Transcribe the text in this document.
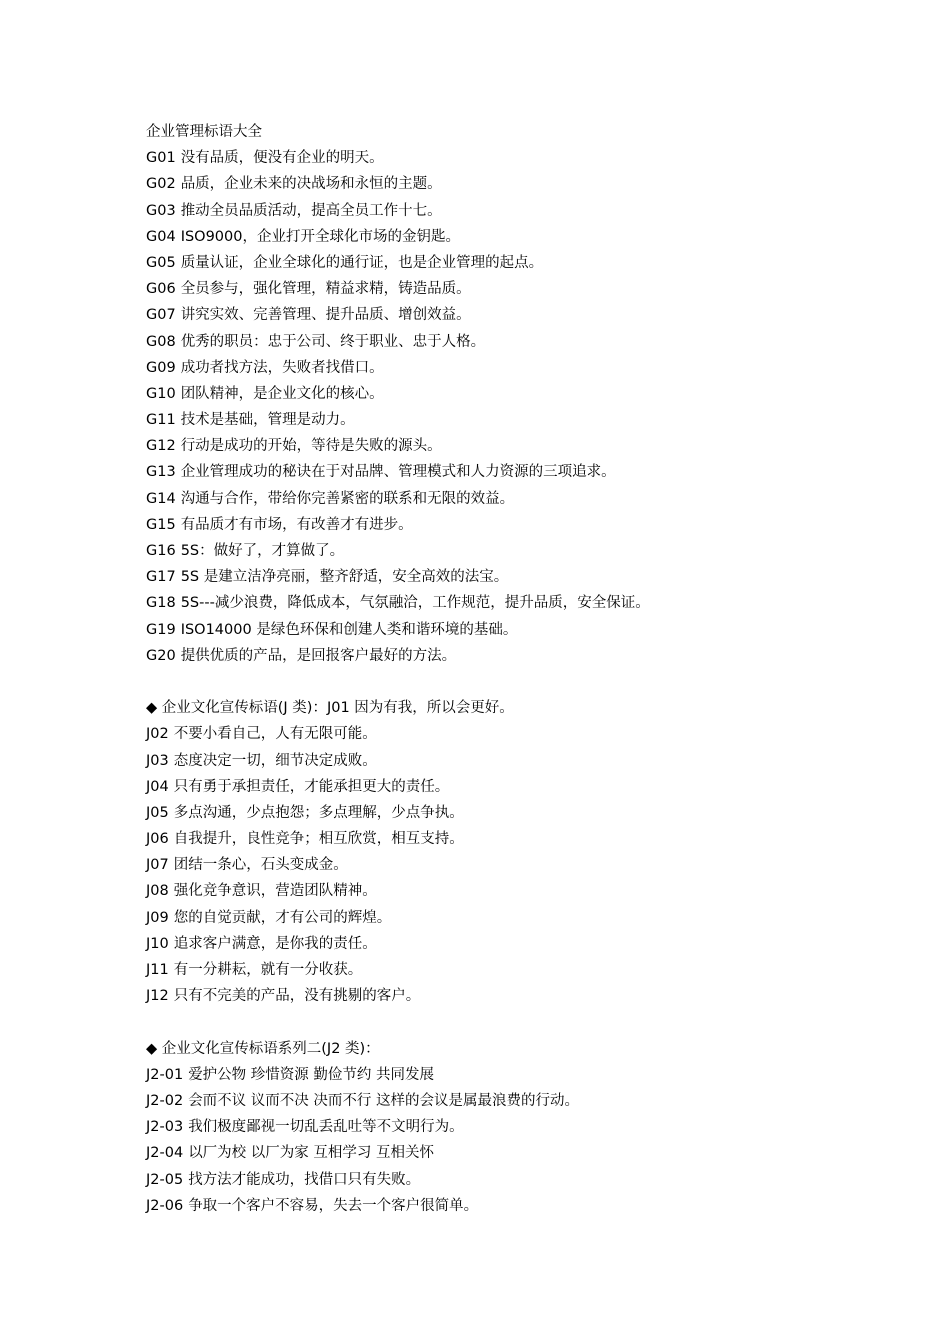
企业管理标语大全
G01 没有品质，便没有企业的明天。
G02 品质，企业未来的决战场和永恒的主题。
G03 推动全员品质活动，提高全员工作十七。
G04 ISO9000，企业打开全球化市场的金钥匙。
G05 质量认证，企业全球化的通行证，也是企业管理的起点。
G06 全员参与，强化管理，精益求精，铸造品质。
G07 讲究实效、完善管理、提升品质、增创效益。
G08 优秀的职员：忠于公司、终于职业、忠于人格。
G09 成功者找方法，失败者找借口。
G10 团队精神，是企业文化的核心。
G11 技术是基础，管理是动力。
G12 行动是成功的开始，等待是失败的源头。
G13 企业管理成功的秘诀在于对品牌、管理模式和人力资源的三项追求。
G14 沟通与合作，带给你完善紧密的联系和无限的效益。
G15 有品质才有市场，有改善才有进步。
G16 5S：做好了，才算做了。
G17 5S 是建立洁净亮丽，整齐舒适，安全高效的法宝。
G18 5S---减少浪费，降低成本，气氛融洽，工作规范，提升品质，安全保证。
G19 ISO14000 是绿色环保和创建人类和谐环境的基础。
G20 提供优质的产品，是回报客户最好的方法。
◆ 企业文化宣传标语(J 类)：J01 因为有我，所以会更好。
J02 不要小看自己，人有无限可能。
J03 态度决定一切，细节决定成败。
J04 只有勇于承担责任，才能承担更大的责任。
J05 多点沟通，少点抱怨；多点理解，少点争执。
J06 自我提升，良性竞争；相互欣赏，相互支持。
J07 团结一条心，石头变成金。
J08 强化竞争意识，营造团队精神。
J09 您的自觉贡献，才有公司的辉煌。
J10 追求客户满意，是你我的责任。
J11 有一分耕耘，就有一分收获。
J12 只有不完美的产品，没有挑剔的客户。
◆ 企业文化宣传标语系列二(J2 类)：
J2-01 爱护公物 珍惜资源 勤俭节约 共同发展
J2-02 会而不议 议而不决 决而不行 这样的会议是属最浪费的行动。
J2-03 我们极度鄙视一切乱丢乱吐等不文明行为。
J2-04 以厂为校 以厂为家 互相学习 互相关怀
J2-05 找方法才能成功，找借口只有失败。
J2-06 争取一个客户不容易，失去一个客户很简单。
